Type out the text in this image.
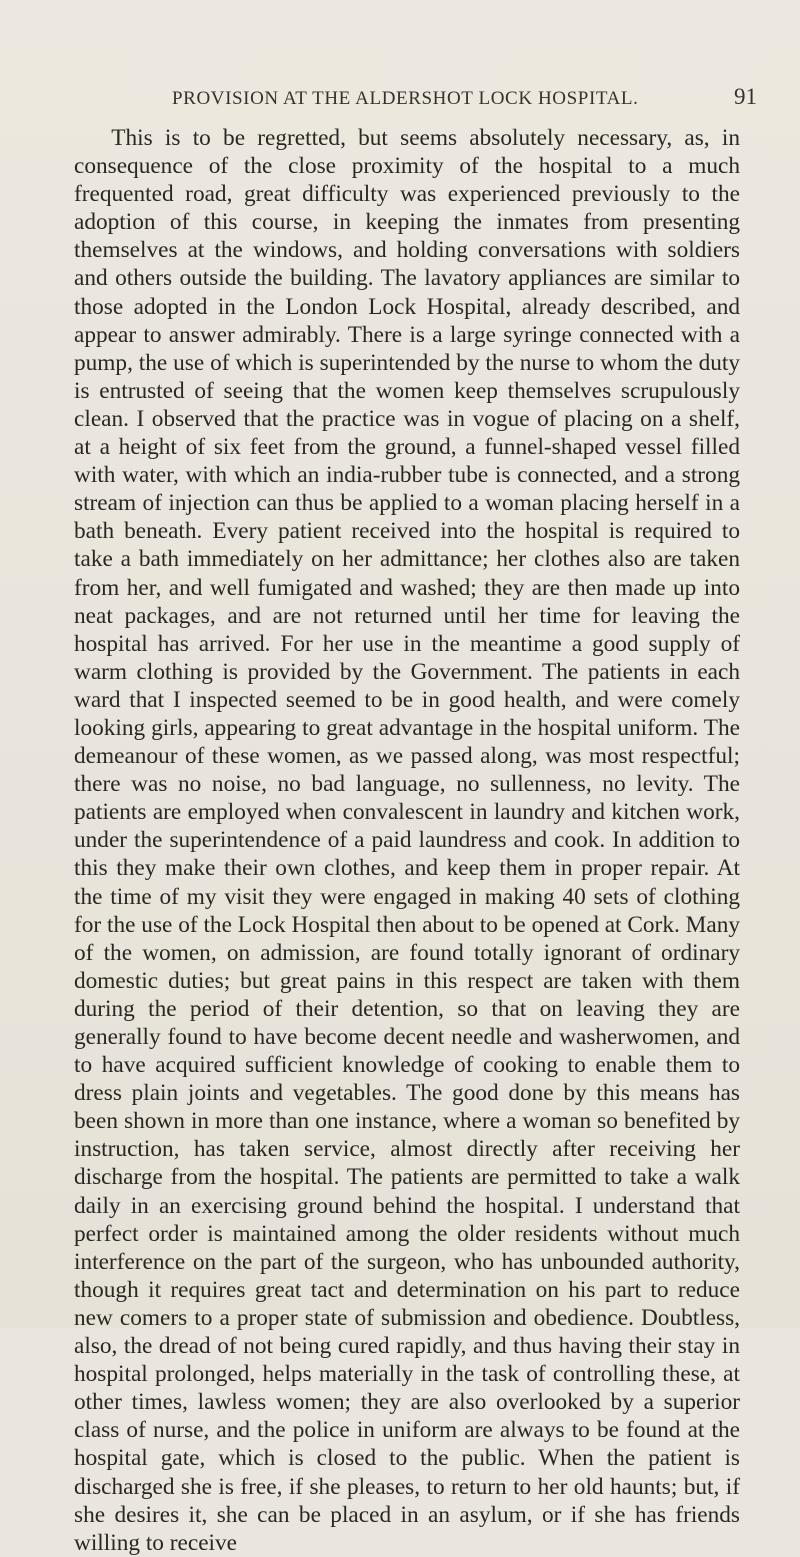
PROVISION AT THE ALDERSHOT LOCK HOSPITAL.	91

This is to be regretted, but seems absolutely necessary, as, in consequence of the close proximity of the hospital to a much frequented road, great difficulty was experienced previously to the adoption of this course, in keeping the inmates from presenting themselves at the windows, and holding conversations with soldiers and others outside the building. The lavatory appliances are similar to those adopted in the London Lock Hospital, already described, and appear to answer admirably. There is a large syringe connected with a pump, the use of which is superintended by the nurse to whom the duty is entrusted of seeing that the women keep themselves scrupulously clean. I observed that the practice was in vogue of placing on a shelf, at a height of six feet from the ground, a funnel-shaped vessel filled with water, with which an india-rubber tube is connected, and a strong stream of injection can thus be applied to a woman placing herself in a bath beneath. Every patient received into the hospital is required to take a bath immediately on her admittance; her clothes also are taken from her, and well fumigated and washed; they are then made up into neat packages, and are not returned until her time for leaving the hospital has arrived. For her use in the meantime a good supply of warm clothing is provided by the Government. The patients in each ward that I inspected seemed to be in good health, and were comely looking girls, appearing to great advantage in the hospital uniform. The demeanour of these women, as we passed along, was most respectful; there was no noise, no bad language, no sullenness, no levity. The patients are employed when convalescent in laundry and kitchen work, under the superintendence of a paid laundress and cook. In addition to this they make their own clothes, and keep them in proper repair. At the time of my visit they were engaged in making 40 sets of clothing for the use of the Lock Hospital then about to be opened at Cork. Many of the women, on admission, are found totally ignorant of ordinary domestic duties; but great pains in this respect are taken with them during the period of their detention, so that on leaving they are generally found to have become decent needle and washerwomen, and to have acquired sufficient knowledge of cooking to enable them to dress plain joints and vegetables. The good done by this means has been shown in more than one instance, where a woman so benefited by instruction, has taken service, almost directly after receiving her discharge from the hospital. The patients are permitted to take a walk daily in an exercising ground behind the hospital. I understand that perfect order is maintained among the older residents without much interference on the part of the surgeon, who has unbounded authority, though it requires great tact and determination on his part to reduce new comers to a proper state of submission and obedience. Doubtless, also, the dread of not being cured rapidly, and thus having their stay in hospital prolonged, helps materially in the task of controlling these, at other times, lawless women; they are also overlooked by a superior class of nurse, and the police in uniform are always to be found at the hospital gate, which is closed to the public. When the patient is discharged she is free, if she pleases, to return to her old haunts; but, if she desires it, she can be placed in an asylum, or if she has friends willing to receive
